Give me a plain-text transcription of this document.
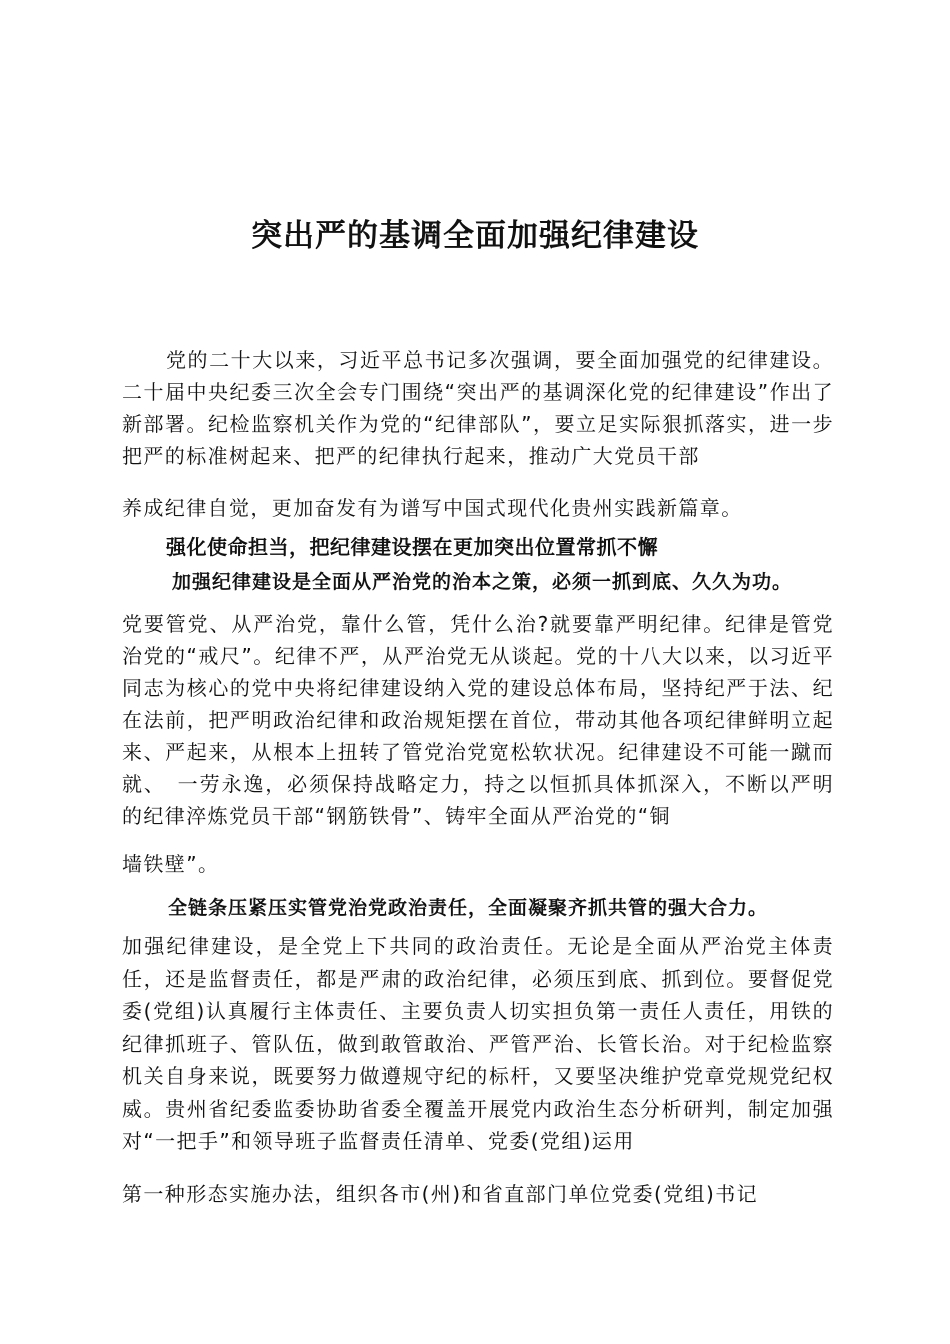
突出严的基调全面加强纪律建设

党的二十大以来，习近平总书记多次强调，要全面加强党的纪律建设。二十届中央纪委三次全会专门围绕“突出严的基调深化党的纪律建设”作出了新部署。纪检监察机关作为党的“纪律部队”，要立足实际狠抓落实，进一步把严的标准树起来、把严的纪律执行起来，推动广大党员干部

养成纪律自觉，更加奋发有为谱写中国式现代化贵州实践新篇章。

强化使命担当，把纪律建设摆在更加突出位置常抓不懈
加强纪律建设是全面从严治党的治本之策，必须一抓到底、久久为功。

党要管党、从严治党，靠什么管，凭什么治?就要靠严明纪律。纪律是管党治党的“戒尺”。纪律不严，从严治党无从谈起。党的十八大以来，以习近平同志为核心的党中央将纪律建设纳入党的建设总体布局，坚持纪严于法、纪在法前，把严明政治纪律和政治规矩摆在首位，带动其他各项纪律鲜明立起来、严起来，从根本上扭转了管党治党宽松软状况。纪律建设不可能一蹴而就、　一劳永逸，必须保持战略定力，持之以恒抓具体抓深入，不断以严明的纪律淬炼党员干部“钢筋铁骨”、铸牢全面从严治党的“铜

墙铁壁”。

全链条压紧压实管党治党政治责任，全面凝聚齐抓共管的强大合力。

加强纪律建设，是全党上下共同的政治责任。无论是全面从严治党主体责任，还是监督责任，都是严肃的政治纪律，必须压到底、抓到位。要督促党委(党组)认真履行主体责任、主要负责人切实担负第一责任人责任，用铁的纪律抓班子、管队伍，做到敢管敢治、严管严治、长管长治。对于纪检监察机关自身来说，既要努力做遵规守纪的标杆，又要坚决维护党章党规党纪权威。贵州省纪委监委协助省委全覆盖开展党内政治生态分析研判，制定加强对“一把手”和领导班子监督责任清单、党委(党组)运用

第一种形态实施办法，组织各市(州)和省直部门单位党委(党组)书记
